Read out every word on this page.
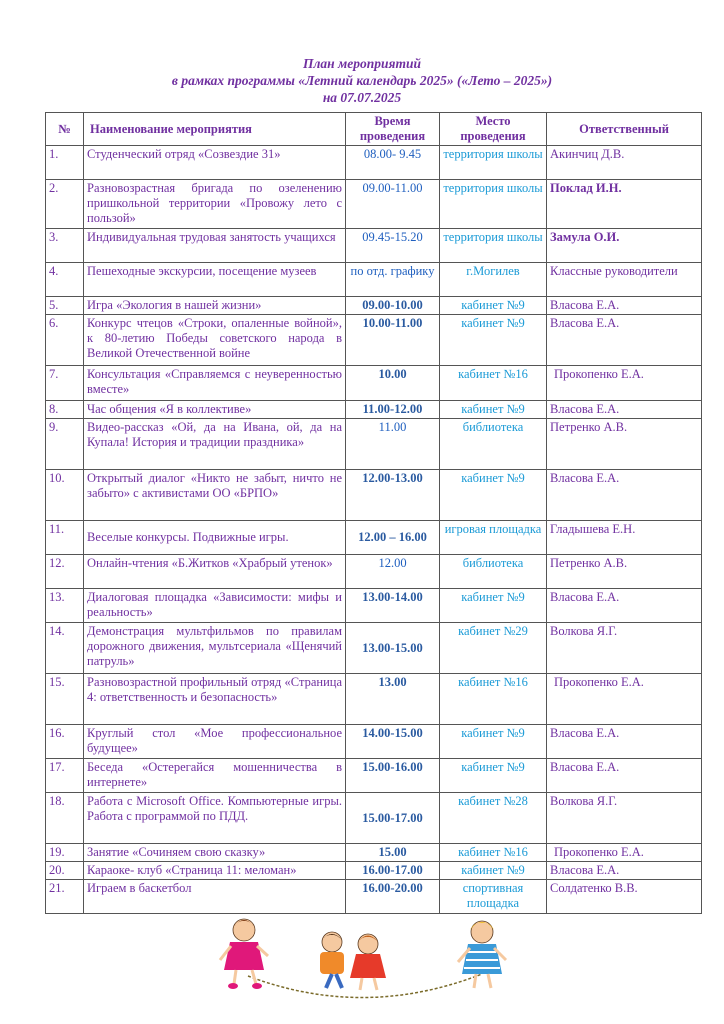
План мероприятий
в рамках программы «Летний календарь 2025» («Лето – 2025»)
на 07.07.2025
№	Наименование мероприятия	Время проведения	Место проведения	Ответственный
1.	Студенческий отряд «Созвездие 31»	08.00- 9.45	территория школы	Акинчиц Д.В.
2.	Разновозрастная бригада по озеленению пришкольной территории «Провожу лето с пользой»	09.00-11.00	территория школы	Поклад И.Н.
3.	Индивидуальная трудовая занятость учащихся	09.45-15.20	территория школы	Замула О.И.
4.	Пешеходные экскурсии, посещение музеев	по отд. графику	г.Могилев	Классные руководители
5.	Игра «Экология в нашей жизни»	09.00-10.00	кабинет №9	Власова Е.А.
6.	Конкурс чтецов «Строки, опаленные войной», к 80-летию Победы советского народа в Великой Отечественной войне	10.00-11.00	кабинет №9	Власова Е.А.
7.	Консультация «Справляемся с неуверенностью вместе»	10.00	кабинет №16	Прокопенко Е.А.
8.	Час общения «Я в коллективе»	11.00-12.00	кабинет №9	Власова Е.А.
9.	Видео-рассказ «Ой, да на Ивана, ой, да на Купала! История и традиции праздника»	11.00	библиотека	Петренко А.В.
10.	Открытый диалог «Никто не забыт, ничто не забыто» с активистами ОО «БРПО»	12.00-13.00	кабинет №9	Власова Е.А.
11.	Веселые конкурсы. Подвижные игры.	12.00 – 16.00	игровая площадка	Гладышева Е.Н.
12.	Онлайн-чтения «Б.Житков «Храбрый утенок»	12.00	библиотека	Петренко А.В.
13.	Диалоговая площадка «Зависимости: мифы и реальность»	13.00-14.00	кабинет №9	Власова Е.А.
14.	Демонстрация мультфильмов по правилам дорожного движения, мультсериала «Щенячий патруль»	13.00-15.00	кабинет №29	Волкова Я.Г.
15.	Разновозрастной профильный отряд «Страница 4: ответственность и безопасность»	13.00	кабинет №16	Прокопенко Е.А.
16.	Круглый стол «Мое профессиональное будущее»	14.00-15.00	кабинет №9	Власова Е.А.
17.	Беседа «Остерегайся мошенничества в интернете»	15.00-16.00	кабинет №9	Власова Е.А.
18.	Работа с Microsoft Office. Компьютерные игры. Работа с программой по ПДД.	15.00-17.00	кабинет №28	Волкова Я.Г.
19.	Занятие «Сочиняем свою сказку»	15.00	кабинет №16	Прокопенко Е.А.
20.	Караоке- клуб «Страница 11: меломан»	16.00-17.00	кабинет №9	Власова Е.А.
21.	Играем в баскетбол	16.00-20.00	спортивная площадка	Солдатенко В.В.
